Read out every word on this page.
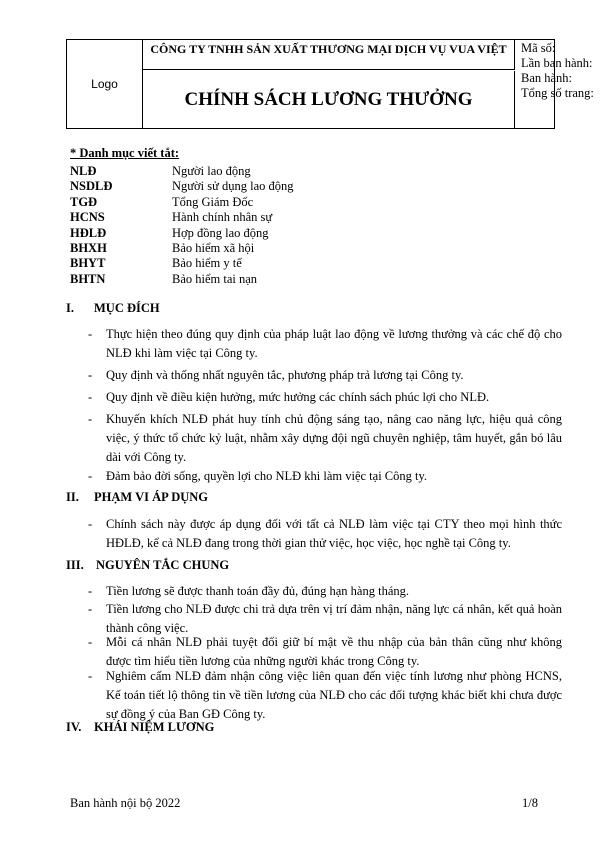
Logo
CÔNG TY TNHH SẢN XUẤT THƯƠNG MẠI DỊCH VỤ VUA VIỆT
CHÍNH SÁCH LƯƠNG THƯỞNG
Mã số:
Lần ban hành:
Ban hành:
Tổng số trang:
* Danh mục viết tắt:
NLĐ	Người lao động
NSDLĐ	Người sử dụng lao động
TGĐ	Tổng Giám Đốc
HCNS	Hành chính nhân sự
HĐLĐ	Hợp đồng lao động
BHXH	Bảo hiểm xã hội
BHYT	Bảo hiểm y tế
BHTN	Bảo hiểm tai nạn
I.	MỤC ĐÍCH
-	Thực hiện theo đúng quy định của pháp luật lao động về lương thưởng và các chế độ cho NLĐ khi làm việc tại Công ty.
-	Quy định và thống nhất nguyên tắc, phương pháp trả lương tại Công ty.
-	Quy định về điều kiện hưởng, mức hưởng các chính sách phúc lợi cho NLĐ.
-	Khuyến khích NLĐ phát huy tính chủ động sáng tạo, nâng cao năng lực, hiệu quả công việc, ý thức tổ chức kỷ luật, nhằm xây dựng đội ngũ chuyên nghiệp, tâm huyết, gắn bó lâu dài với Công ty.
-	Đảm bảo đời sống, quyền lợi cho NLĐ khi làm việc tại Công ty.
II.	PHẠM VI ÁP DỤNG
-	Chính sách này được áp dụng đối với tất cả NLĐ làm việc tại CTY theo mọi hình thức HĐLĐ, kể cả NLĐ đang trong thời gian thử việc, học việc, học nghề tại Công ty.
III. NGUYÊN TẮC CHUNG
-	Tiền lương sẽ được thanh toán đầy đủ, đúng hạn hàng tháng.
-	Tiền lương cho NLĐ được chi trả dựa trên vị trí đảm nhận, năng lực cá nhân, kết quả hoàn thành công việc.
-	Mỗi cá nhân NLĐ phải tuyệt đối giữ bí mật về thu nhập của bản thân cũng như không được tìm hiểu tiền lương của những người khác trong Công ty.
-	Nghiêm cấm NLĐ đảm nhận công việc liên quan đến việc tính lương như phòng HCNS, Kế toán tiết lộ thông tin về tiền lương của NLĐ cho các đối tượng khác biết khi chưa được sự đồng ý của Ban GĐ Công ty.
IV.	KHÁI NIỆM LƯƠNG
Ban hành nội bộ 2022	1/8
